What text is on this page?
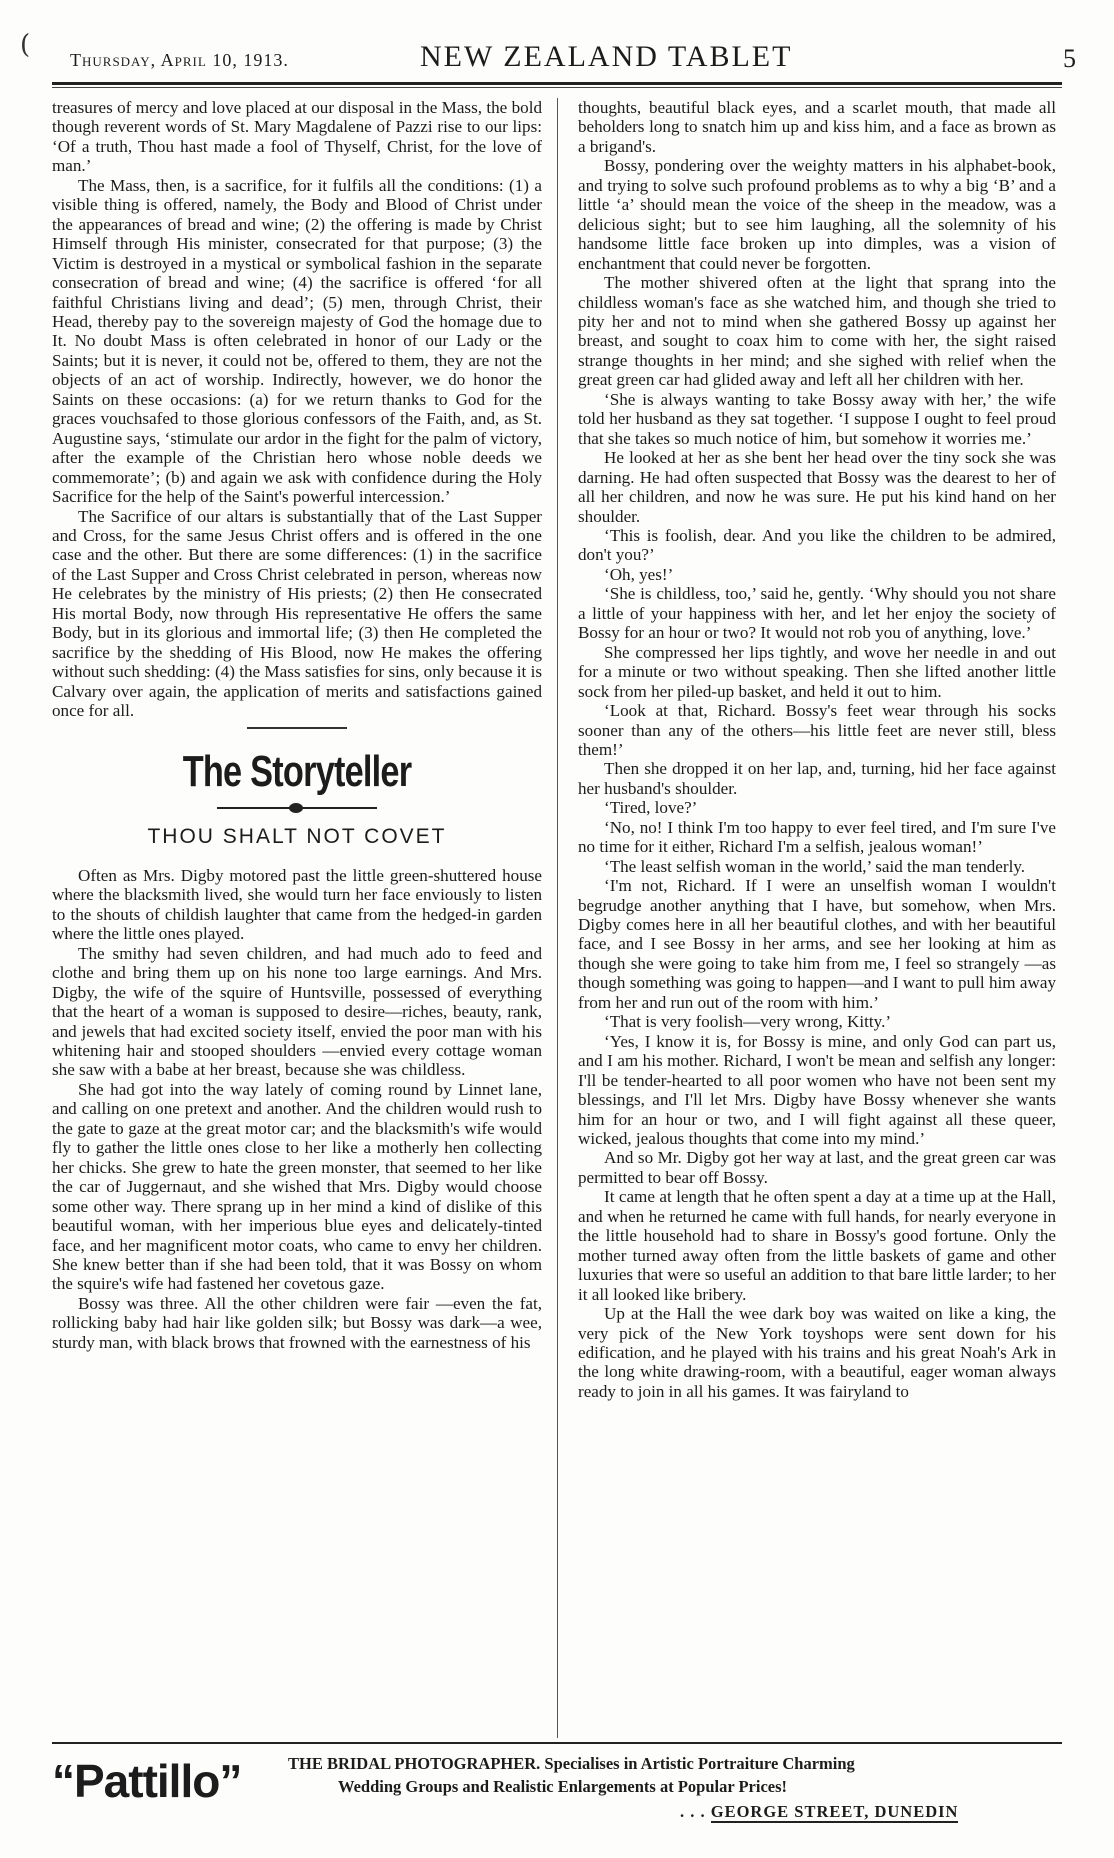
( Thursday, April 10, 1913.	NEW ZEALAND TABLET	5

treasures of mercy and love placed at our disposal in the Mass, the bold though reverent words of St. Mary Magdalene of Pazzi rise to our lips: ‘Of a truth, Thou hast made a fool of Thyself, Christ, for the love of man.’

The Mass, then, is a sacrifice, for it fulfils all the conditions: (1) a visible thing is offered, namely, the Body and Blood of Christ under the appearances of bread and wine; (2) the offering is made by Christ Himself through His minister, consecrated for that purpose; (3) the Victim is destroyed in a mystical or symbolical fashion in the separate consecration of bread and wine; (4) the sacrifice is offered ‘for all faithful Christians living and dead’; (5) men, through Christ, their Head, thereby pay to the sovereign majesty of God the homage due to It. No doubt Mass is often celebrated in honor of our Lady or the Saints; but it is never, it could not be, offered to them, they are not the objects of an act of worship. Indirectly, however, we do honor the Saints on these occasions: (a) for we return thanks to God for the graces vouchsafed to those glorious confessors of the Faith, and, as St. Augustine says, ‘stimulate our ardor in the fight for the palm of victory, after the example of the Christian hero whose noble deeds we commemorate’; (b) and again we ask with confidence during the Holy Sacrifice for the help of the Saint's powerful intercession.’

The Sacrifice of our altars is substantially that of the Last Supper and Cross, for the same Jesus Christ offers and is offered in the one case and the other. But there are some differences: (1) in the sacrifice of the Last Supper and Cross Christ celebrated in person, whereas now He celebrates by the ministry of His priests; (2) then He consecrated His mortal Body, now through His representative He offers the same Body, but in its glorious and immortal life; (3) then He completed the sacrifice by the shedding of His Blood, now He makes the offering without such shedding: (4) the Mass satisfies for sins, only because it is Calvary over again, the application of merits and satisfactions gained once for all.

The Storyteller
THOU SHALT NOT COVET

Often as Mrs. Digby motored past the little green-shuttered house where the blacksmith lived, she would turn her face enviously to listen to the shouts of childish laughter that came from the hedged-in garden where the little ones played.

The smithy had seven children, and had much ado to feed and clothe and bring them up on his none too large earnings. And Mrs. Digby, the wife of the squire of Huntsville, possessed of everything that the heart of a woman is supposed to desire—riches, beauty, rank, and jewels that had excited society itself, envied the poor man with his whitening hair and stooped shoulders —envied every cottage woman she saw with a babe at her breast, because she was childless.

She had got into the way lately of coming round by Linnet lane, and calling on one pretext and another. And the children would rush to the gate to gaze at the great motor car; and the blacksmith's wife would fly to gather the little ones close to her like a motherly hen collecting her chicks. She grew to hate the green monster, that seemed to her like the car of Juggernaut, and she wished that Mrs. Digby would choose some other way. There sprang up in her mind a kind of dislike of this beautiful woman, with her imperious blue eyes and delicately-tinted face, and her magnificent motor coats, who came to envy her children. She knew better than if she had been told, that it was Bossy on whom the squire's wife had fastened her covetous gaze.

Bossy was three. All the other children were fair —even the fat, rollicking baby had hair like golden silk; but Bossy was dark—a wee, sturdy man, with black brows that frowned with the earnestness of his

thoughts, beautiful black eyes, and a scarlet mouth, that made all beholders long to snatch him up and kiss him, and a face as brown as a brigand's.

Bossy, pondering over the weighty matters in his alphabet-book, and trying to solve such profound problems as to why a big ‘B’ and a little ‘a’ should mean the voice of the sheep in the meadow, was a delicious sight; but to see him laughing, all the solemnity of his handsome little face broken up into dimples, was a vision of enchantment that could never be forgotten.

The mother shivered often at the light that sprang into the childless woman's face as she watched him, and though she tried to pity her and not to mind when she gathered Bossy up against her breast, and sought to coax him to come with her, the sight raised strange thoughts in her mind; and she sighed with relief when the great green car had glided away and left all her children with her.

‘She is always wanting to take Bossy away with her,’ the wife told her husband as they sat together. ‘I suppose I ought to feel proud that she takes so much notice of him, but somehow it worries me.’

He looked at her as she bent her head over the tiny sock she was darning. He had often suspected that Bossy was the dearest to her of all her children, and now he was sure. He put his kind hand on her shoulder.

‘This is foolish, dear. And you like the children to be admired, don't you?’

‘Oh, yes!’

‘She is childless, too,’ said he, gently. ‘Why should you not share a little of your happiness with her, and let her enjoy the society of Bossy for an hour or two? It would not rob you of anything, love.’

She compressed her lips tightly, and wove her needle in and out for a minute or two without speaking. Then she lifted another little sock from her piled-up basket, and held it out to him.

‘Look at that, Richard. Bossy's feet wear through his socks sooner than any of the others—his little feet are never still, bless them!’

Then she dropped it on her lap, and, turning, hid her face against her husband's shoulder.

‘Tired, love?’

‘No, no! I think I'm too happy to ever feel tired, and I'm sure I've no time for it either, Richard I'm a selfish, jealous woman!’

‘The least selfish woman in the world,’ said the man tenderly.

‘I'm not, Richard. If I were an unselfish woman I wouldn't begrudge another anything that I have, but somehow, when Mrs. Digby comes here in all her beautiful clothes, and with her beautiful face, and I see Bossy in her arms, and see her looking at him as though she were going to take him from me, I feel so strangely —as though something was going to happen—and I want to pull him away from her and run out of the room with him.’

‘That is very foolish—very wrong, Kitty.’

‘Yes, I know it is, for Bossy is mine, and only God can part us, and I am his mother. Richard, I won't be mean and selfish any longer: I'll be tender-hearted to all poor women who have not been sent my blessings, and I'll let Mrs. Digby have Bossy whenever she wants him for an hour or two, and I will fight against all these queer, wicked, jealous thoughts that come into my mind.’

And so Mr. Digby got her way at last, and the great green car was permitted to bear off Bossy.

It came at length that he often spent a day at a time up at the Hall, and when he returned he came with full hands, for nearly everyone in the little household had to share in Bossy's good fortune. Only the mother turned away often from the little baskets of game and other luxuries that were so useful an addition to that bare little larder; to her it all looked like bribery.

Up at the Hall the wee dark boy was waited on like a king, the very pick of the New York toyshops were sent down for his edification, and he played with his trains and his great Noah's Ark in the long white drawing-room, with a beautiful, eager woman always ready to join in all his games. It was fairyland to

“Pattillo”	THE BRIDAL PHOTOGRAPHER. Specialises in Artistic Portraiture Charming
Wedding Groups and Realistic Enlargements at Popular Prices!
. . . GEORGE STREET, DUNEDIN
